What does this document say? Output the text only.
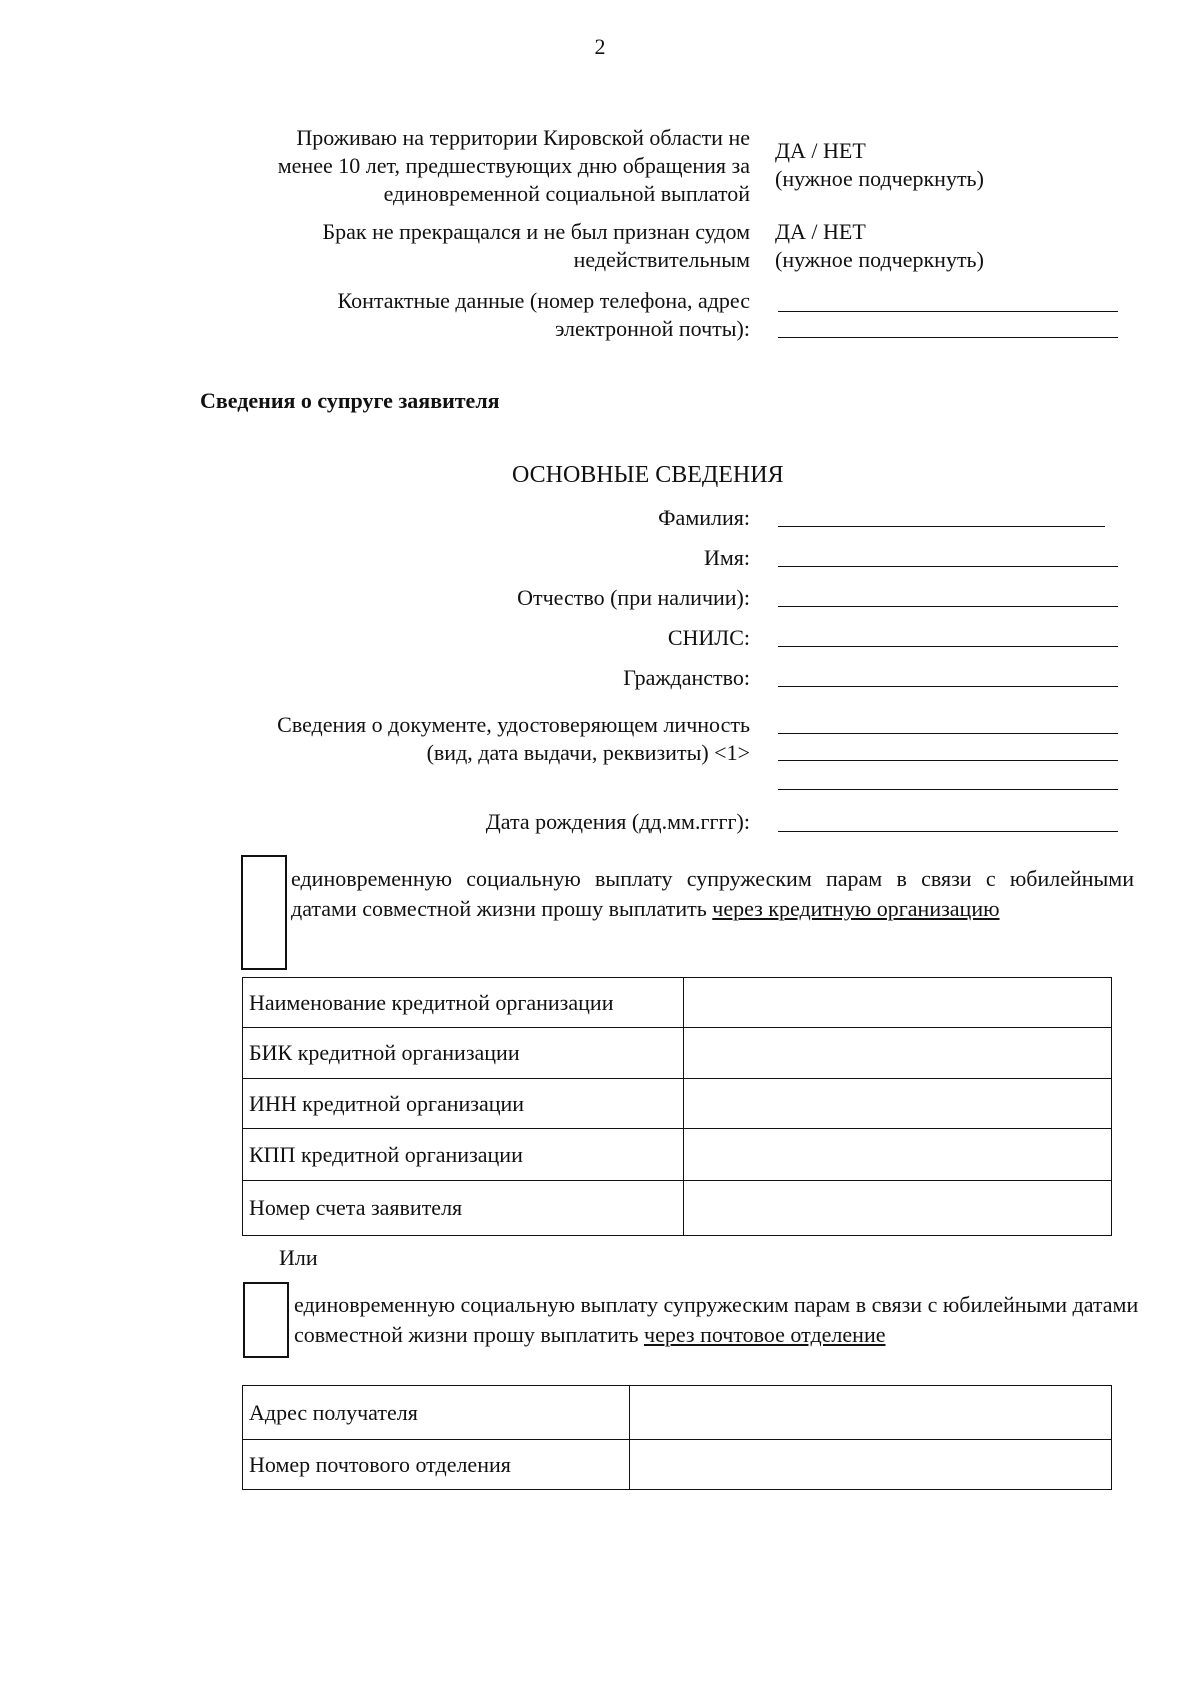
2
Проживаю на территории Кировской области не
менее 10 лет, предшествующих дню обращения за
единовременной социальной выплатой
ДА / НЕТ
(нужное подчеркнуть)
Брак не прекращался и не был признан судом
недействительным
ДА / НЕТ
(нужное подчеркнуть)
Контактные данные (номер телефона, адрес
электронной почты):
Сведения о супруге заявителя
ОСНОВНЫЕ СВЕДЕНИЯ
Фамилия:
Имя:
Отчество (при наличии):
СНИЛС:
Гражданство:
Сведения о документе, удостоверяющем личность
(вид, дата выдачи, реквизиты) <1>
Дата рождения (дд.мм.гггг):
единовременную социальную выплату супружеским парам в связи с юбилейными датами совместной жизни прошу выплатить через кредитную организацию
Наименование кредитной организации	
БИК кредитной организации	
ИНН кредитной организации	
КПП кредитной организации	
Номер счета заявителя	
Или
единовременную социальную выплату супружеским парам в связи с юбилейными датами совместной жизни прошу выплатить через почтовое отделение
Адрес получателя	
Номер почтового отделения	
